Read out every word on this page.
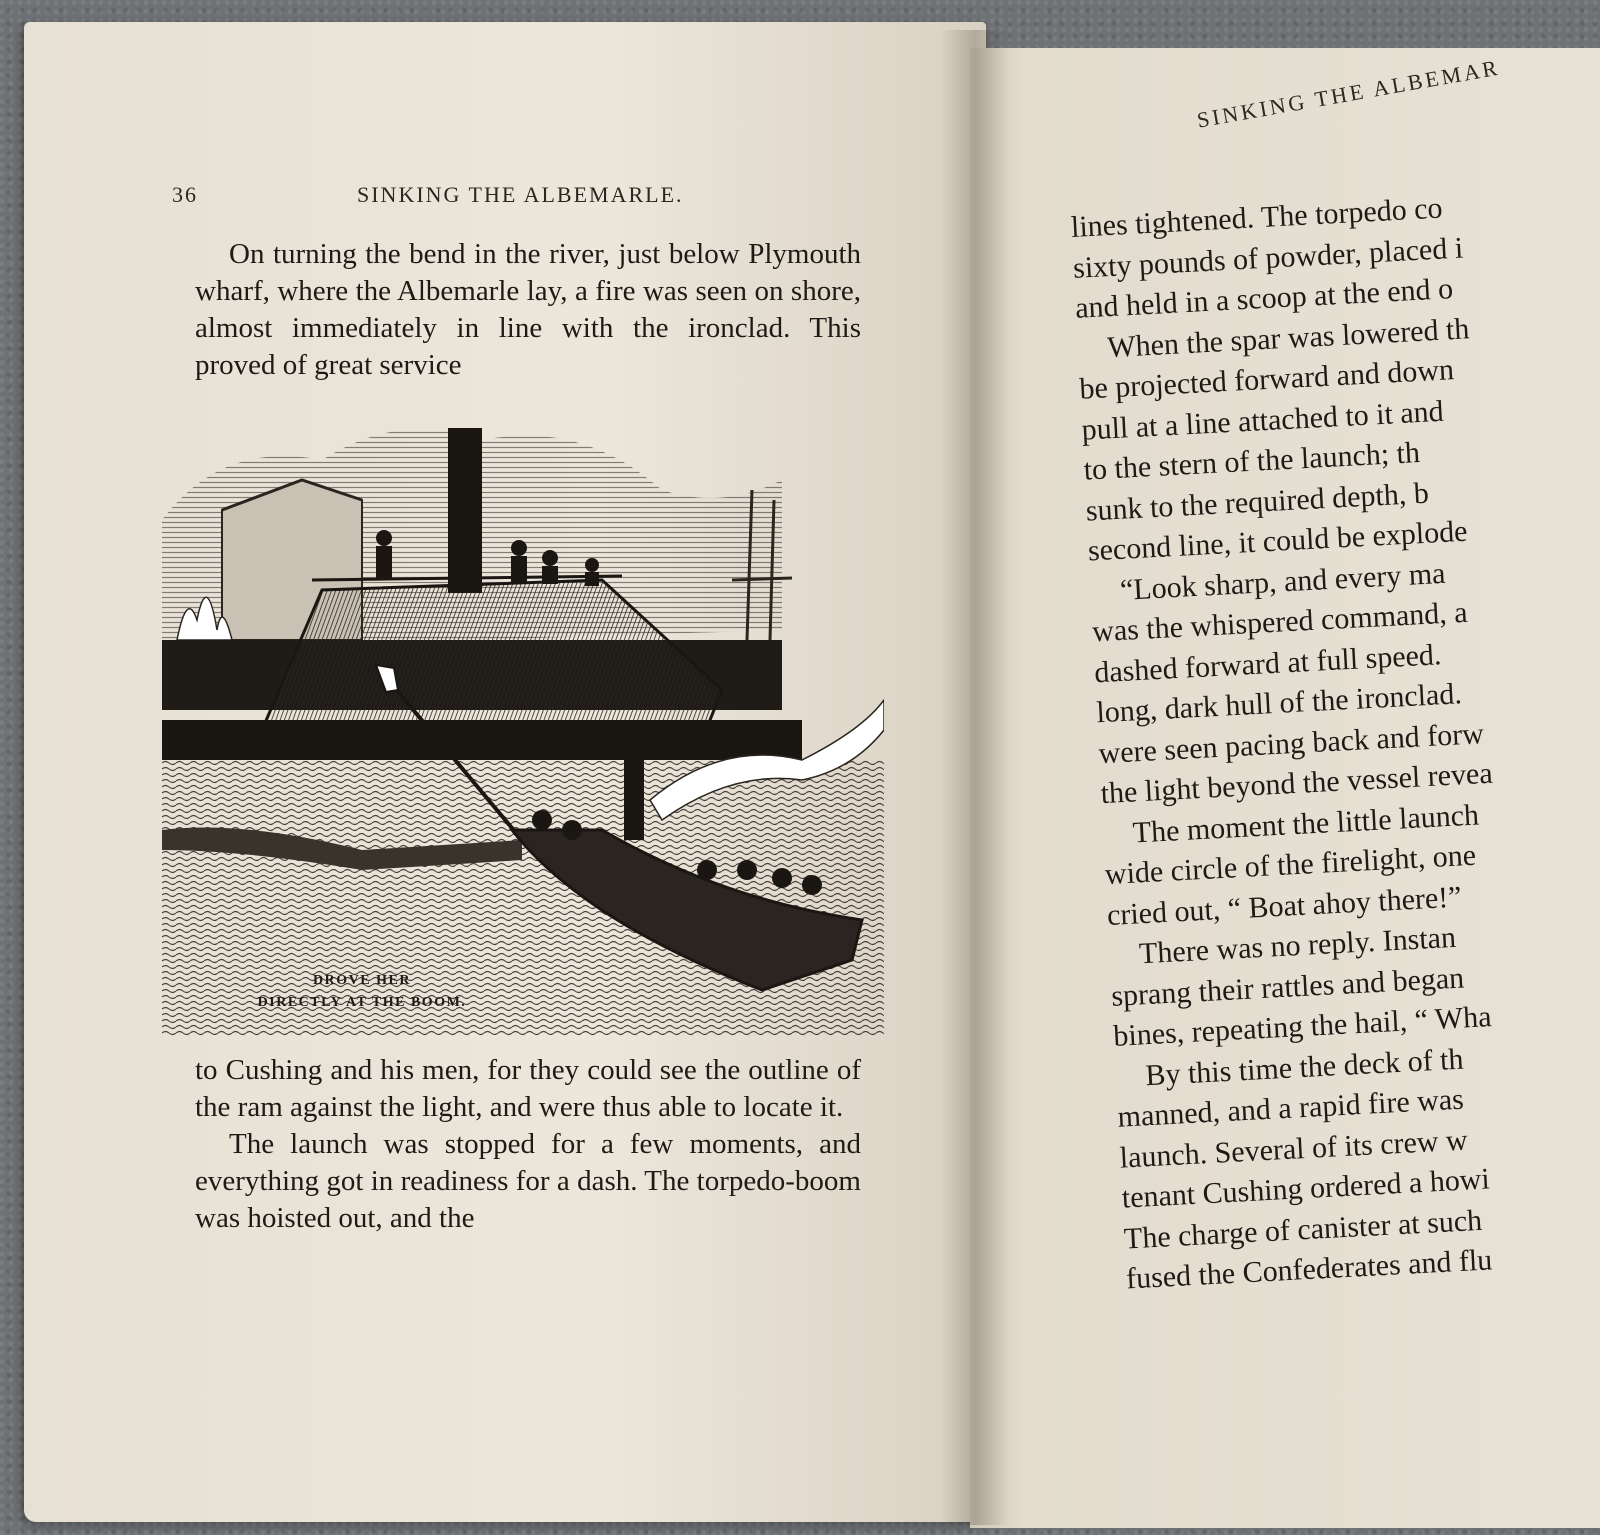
36	SINKING THE ALBEMARLE.

On turning the bend in the river, just below Plymouth wharf, where the Albemarle lay, a fire was seen on shore, almost immediately in line with the ironclad. This proved of great service

DROVE HER
DIRECTLY AT THE BOOM.

to Cushing and his men, for they could see the outline of the ram against the light, and were thus able to locate it.

The launch was stopped for a few moments, and everything got in readiness for a dash. The torpedo-boom was hoisted out, and the

SINKING THE ALBEMAR
lines tightened. The torpedo co
sixty pounds of powder, placed i
and held in a scoop at the end o
When the spar was lowered th
be projected forward and down
pull at a line attached to it and
to the stern of the launch; th
sunk to the required depth, b
second line, it could be explode
“Look sharp, and every ma
was the whispered command, a
dashed forward at full speed.
long, dark hull of the ironclad.
were seen pacing back and forw
the light beyond the vessel revea
The moment the little launch
wide circle of the firelight, one
cried out, “ Boat ahoy there!”
There was no reply. Instan
sprang their rattles and began
bines, repeating the hail, “ Wha
By this time the deck of th
manned, and a rapid fire was
launch. Several of its crew w
tenant Cushing ordered a howi
The charge of canister at such
fused the Confederates and flu
